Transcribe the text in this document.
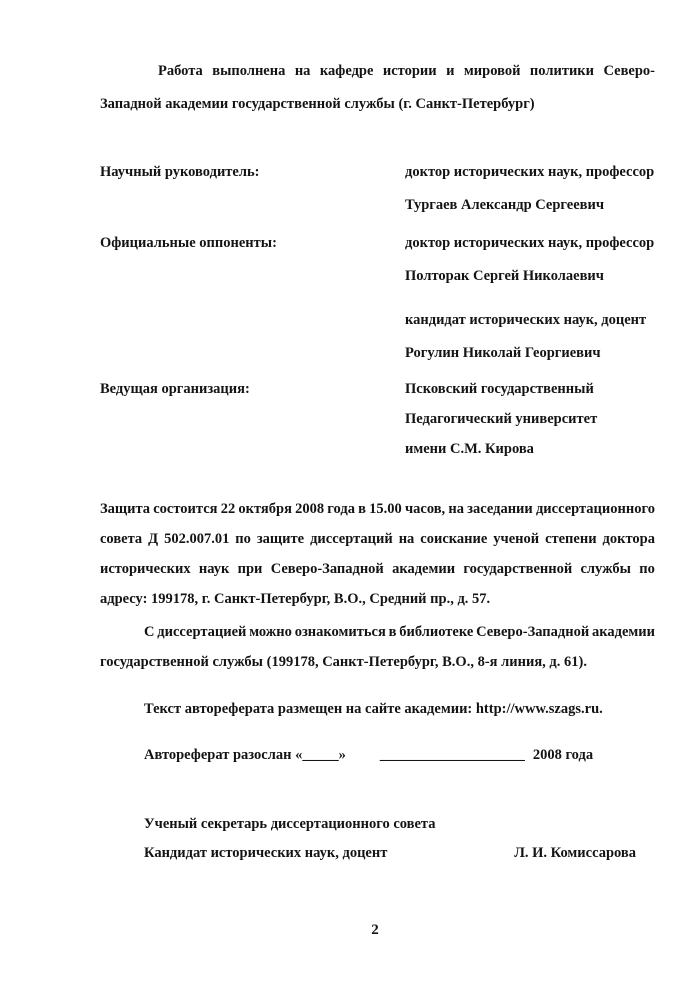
Работа выполнена на кафедре истории и мировой политики Северо-
Западной академии государственной службы (г. Санкт-Петербург)
Научный руководитель:	доктор исторических наук, профессор
Тургаев Александр Сергеевич
Официальные оппоненты:	доктор исторических наук, профессор
Полторак Сергей Николаевич
кандидат исторических наук, доцент
Рогулин Николай Георгиевич
Ведущая организация:	Псковский государственный
Педагогический университет
имени С.М. Кирова
Защита состоится 22 октября 2008 года в 15.00 часов, на заседании диссертационного
совета Д 502.007.01 по защите диссертаций на соискание ученой степени доктора
исторических наук при Северо-Западной академии государственной службы по
адресу: 199178, г. Санкт-Петербург, В.О., Средний пр., д. 57.
С диссертацией можно ознакомиться в библиотеке Северо-Западной академии
государственной службы (199178, Санкт-Петербург, В.О., 8-я линия, д. 61).
Текст автореферата размещен на сайте академии: http://www.szags.ru.
Автореферат разослан «_____» ____________________ 2008 года
Ученый секретарь диссертационного совета
Кандидат исторических наук, доцент	Л. И. Комиссарова
2
